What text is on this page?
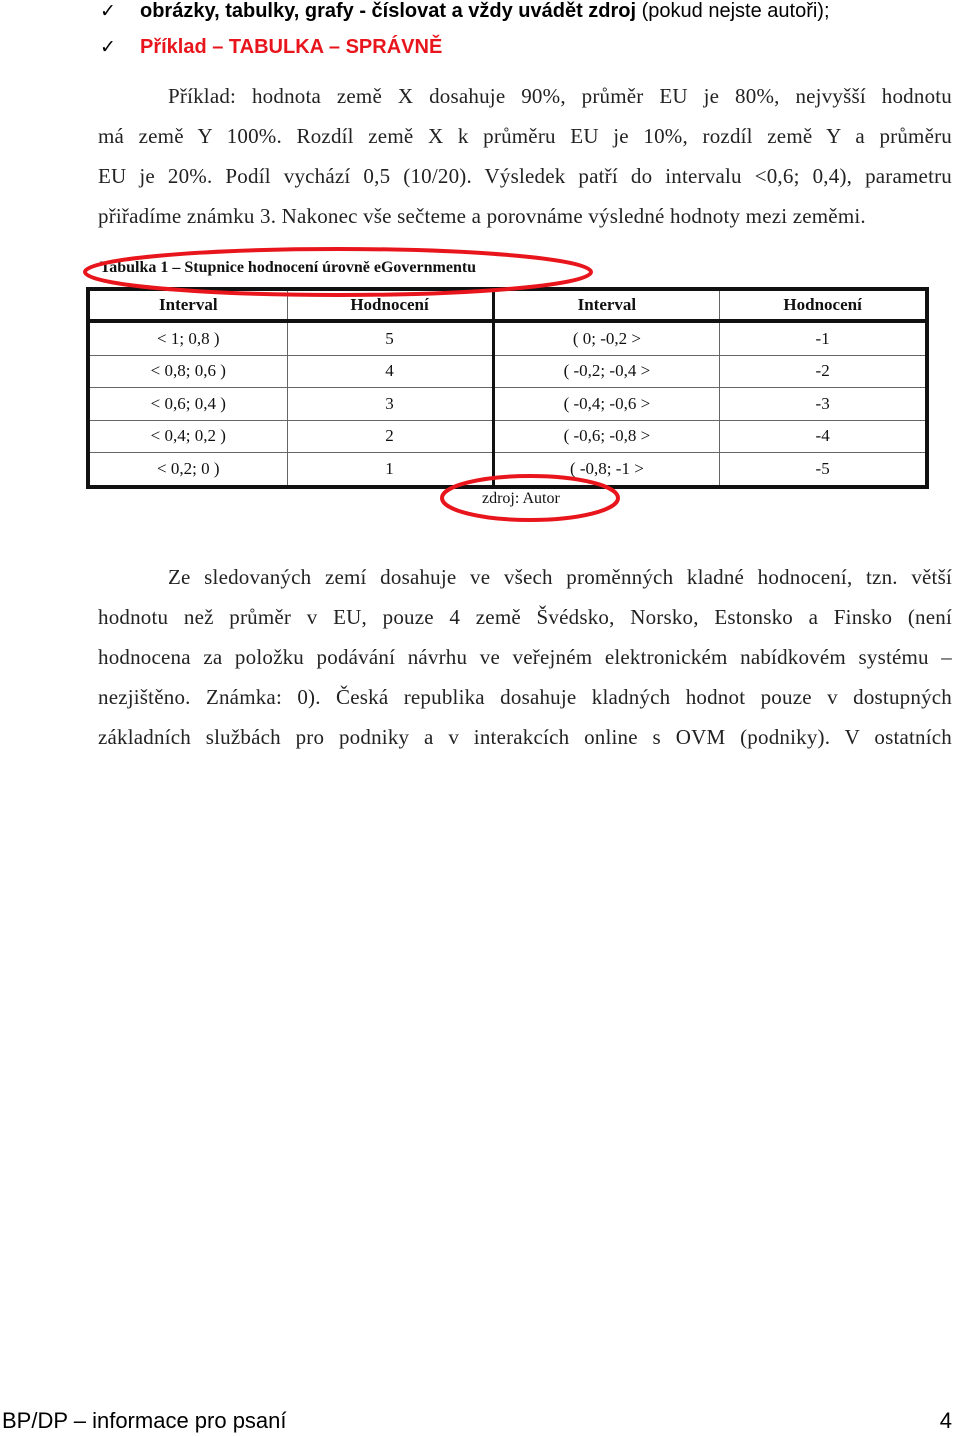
✓ obrázky, tabulky, grafy - číslovat a vždy uvádět zdroj (pokud nejste autoři);
✓ Příklad – TABULKA – SPRÁVNĚ
Příklad: hodnota země X dosahuje 90%, průměr EU je 80%, nejvyšší hodnotu
má země Y 100%. Rozdíl země X k průměru EU je 10%, rozdíl země Y a průměru
EU je 20%. Podíl vychází 0,5 (10/20). Výsledek patří do intervalu <0,6; 0,4), parametru
přiřadíme známku 3. Nakonec vše sečteme a porovnáme výsledné hodnoty mezi zeměmi.
Tabulka 1 – Stupnice hodnocení úrovně eGovernmentu
Interval	Hodnocení	Interval	Hodnocení
< 1; 0,8 )	5	( 0; -0,2 >	-1
< 0,8; 0,6 )	4	( -0,2; -0,4 >	-2
< 0,6; 0,4 )	3	( -0,4; -0,6 >	-3
< 0,4; 0,2 )	2	( -0,6; -0,8 >	-4
< 0,2; 0 )	1	( -0,8; -1 >	-5
zdroj: Autor
Ze sledovaných zemí dosahuje ve všech proměnných kladné hodnocení, tzn. větší
hodnotu než průměr v EU, pouze 4 země Švédsko, Norsko, Estonsko a Finsko (není
hodnocena za položku podávání návrhu ve veřejném elektronickém nabídkovém systému –
nezjištěno. Známka: 0). Česká republika dosahuje kladných hodnot pouze v dostupných
základních službách pro podniky a v interakcích online s OVM (podniky). V ostatních
BP/DP – informace pro psaní	4
